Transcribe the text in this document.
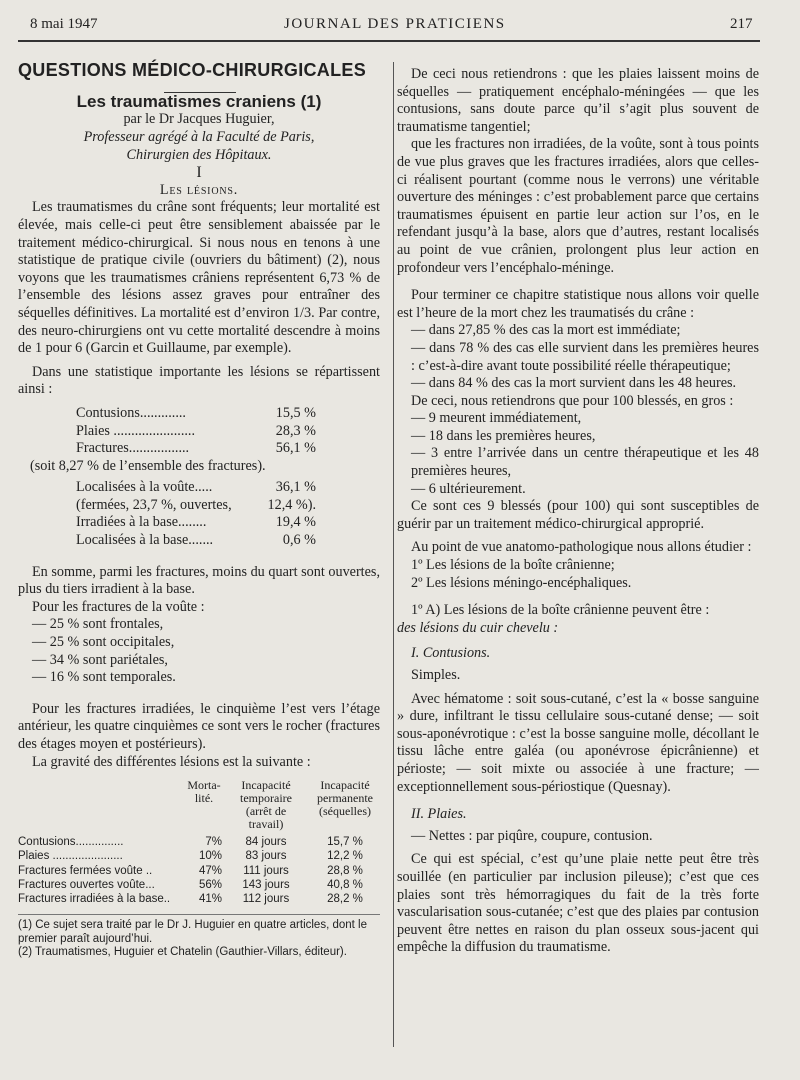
8 mai 1947	JOURNAL DES PRATICIENS	217

QUESTIONS MÉDICO-CHIRURGICALES

Les traumatismes craniens (1)

par le Dr Jacques Huguier,

Professeur agrégé à la Faculté de Paris,

Chirurgien des Hôpitaux.

I

Les lésions.

Les traumatismes du crâne sont fréquents; leur mortalité est élevée, mais celle-ci peut être sensiblement abaissée par le traitement médico-chirurgical. Si nous nous en tenons à une statistique de pratique civile (ouvriers du bâtiment) (2), nous voyons que les traumatismes crâniens représentent 6,73 % de l’ensemble des lésions assez graves pour entraîner des séquelles définitives. La mortalité est d’environ 1/3. Par contre, des neuro-chirurgiens ont vu cette mortalité descendre à moins de 1 pour 6 (Garcin et Guillaume, par exemple).

Dans une statistique importante les lésions se répartissent ainsi :

Contusions.............	15,5 %
Plaies .......................	28,3 %
Fractures.................	56,1 %

(soit 8,27 % de l’ensemble des fractures).

Localisées à la voûte.....	36,1 %
(fermées, 23,7 %, ouvertes,	12,4 %).
Irradiées à la base........	19,4 %
Localisées à la base.......	0,6 %

En somme, parmi les fractures, moins du quart sont ouvertes, plus du tiers irradient à la base.

Pour les fractures de la voûte :

— 25 % sont frontales,

— 25 % sont occipitales,

— 34 % sont pariétales,

— 16 % sont temporales.

Pour les fractures irradiées, le cinquième l’est vers l’étage antérieur, les quatre cinquièmes ce sont vers le rocher (fractures des étages moyen et postérieurs).

La gravité des différentes lésions est la suivante :

Morta-
lité.
Incapacité
temporaire
(arrêt de
travail)
Incapacité
permanente
(séquelles)
Contusions...............	7%	84 jours	15,7 %
Plaies ......................	10%	83 jours	12,2 %
Fractures fermées voûte ..	47%	111 jours	28,8 %
Fractures ouvertes voûte...	56%	143 jours	40,8 %
Fractures irradiées à la base..	41%	112 jours	28,2 %

(1) Ce sujet sera traité par le Dr J. Huguier en quatre articles, dont le premier paraît aujourd’hui.

(2) Traumatismes, Huguier et Chatelin (Gauthier-Villars, éditeur).

De ceci nous retiendrons : que les plaies laissent moins de séquelles — pratiquement encéphalo-méningées — que les contusions, sans doute parce qu’il s’agit plus souvent de traumatisme tangentiel;

que les fractures non irradiées, de la voûte, sont à tous points de vue plus graves que les fractures irradiées, alors que celles-ci réalisent pourtant (comme nous le verrons) une véritable ouverture des méninges : c’est probablement parce que certains traumatismes épuisent en partie leur action sur l’os, en le refendant jusqu’à la base, alors que d’autres, restant localisés au point de vue crânien, prolongent plus leur action en profondeur vers l’encéphalo-méninge.

Pour terminer ce chapitre statistique nous allons voir quelle est l’heure de la mort chez les traumatisés du crâne :

— dans 27,85 % des cas la mort est immédiate;

— dans 78 % des cas elle survient dans les premières heures : c’est-à-dire avant toute possibilité réelle thérapeutique;

— dans 84 % des cas la mort survient dans les 48 heures.

De ceci, nous retiendrons que pour 100 blessés, en gros :

— 9 meurent immédiatement,

— 18 dans les premières heures,

— 3 entre l’arrivée dans un centre thérapeutique et les 48 premières heures,

— 6 ultérieurement.

Ce sont ces 9 blessés (pour 100) qui sont susceptibles de guérir par un traitement médico-chirurgical approprié.

Au point de vue anatomo-pathologique nous allons étudier :

1º Les lésions de la boîte crânienne;

2º Les lésions méningo-encéphaliques.

1º A) Les lésions de la boîte crânienne peuvent être :

des lésions du cuir chevelu :

I. Contusions.

Simples.

Avec hématome : soit sous-cutané, c’est la « bosse sanguine » dure, infiltrant le tissu cellulaire sous-cutané dense; — soit sous-aponévrotique : c’est la bosse sanguine molle, décollant le tissu lâche entre galéa (ou aponévrose épicrânienne) et périoste; — soit mixte ou associée à une fracture; — exceptionnellement sous-périostique (Quesnay).

II. Plaies.

— Nettes : par piqûre, coupure, contusion.

Ce qui est spécial, c’est qu’une plaie nette peut être très souillée (en particulier par inclusion pileuse); c’est que ces plaies sont très hémorragiques du fait de la très forte vascularisation sous-cutanée; c’est que des plaies par contusion peuvent être nettes en raison du plan osseux sous-jacent qui empêche la diffusion du traumatisme.
